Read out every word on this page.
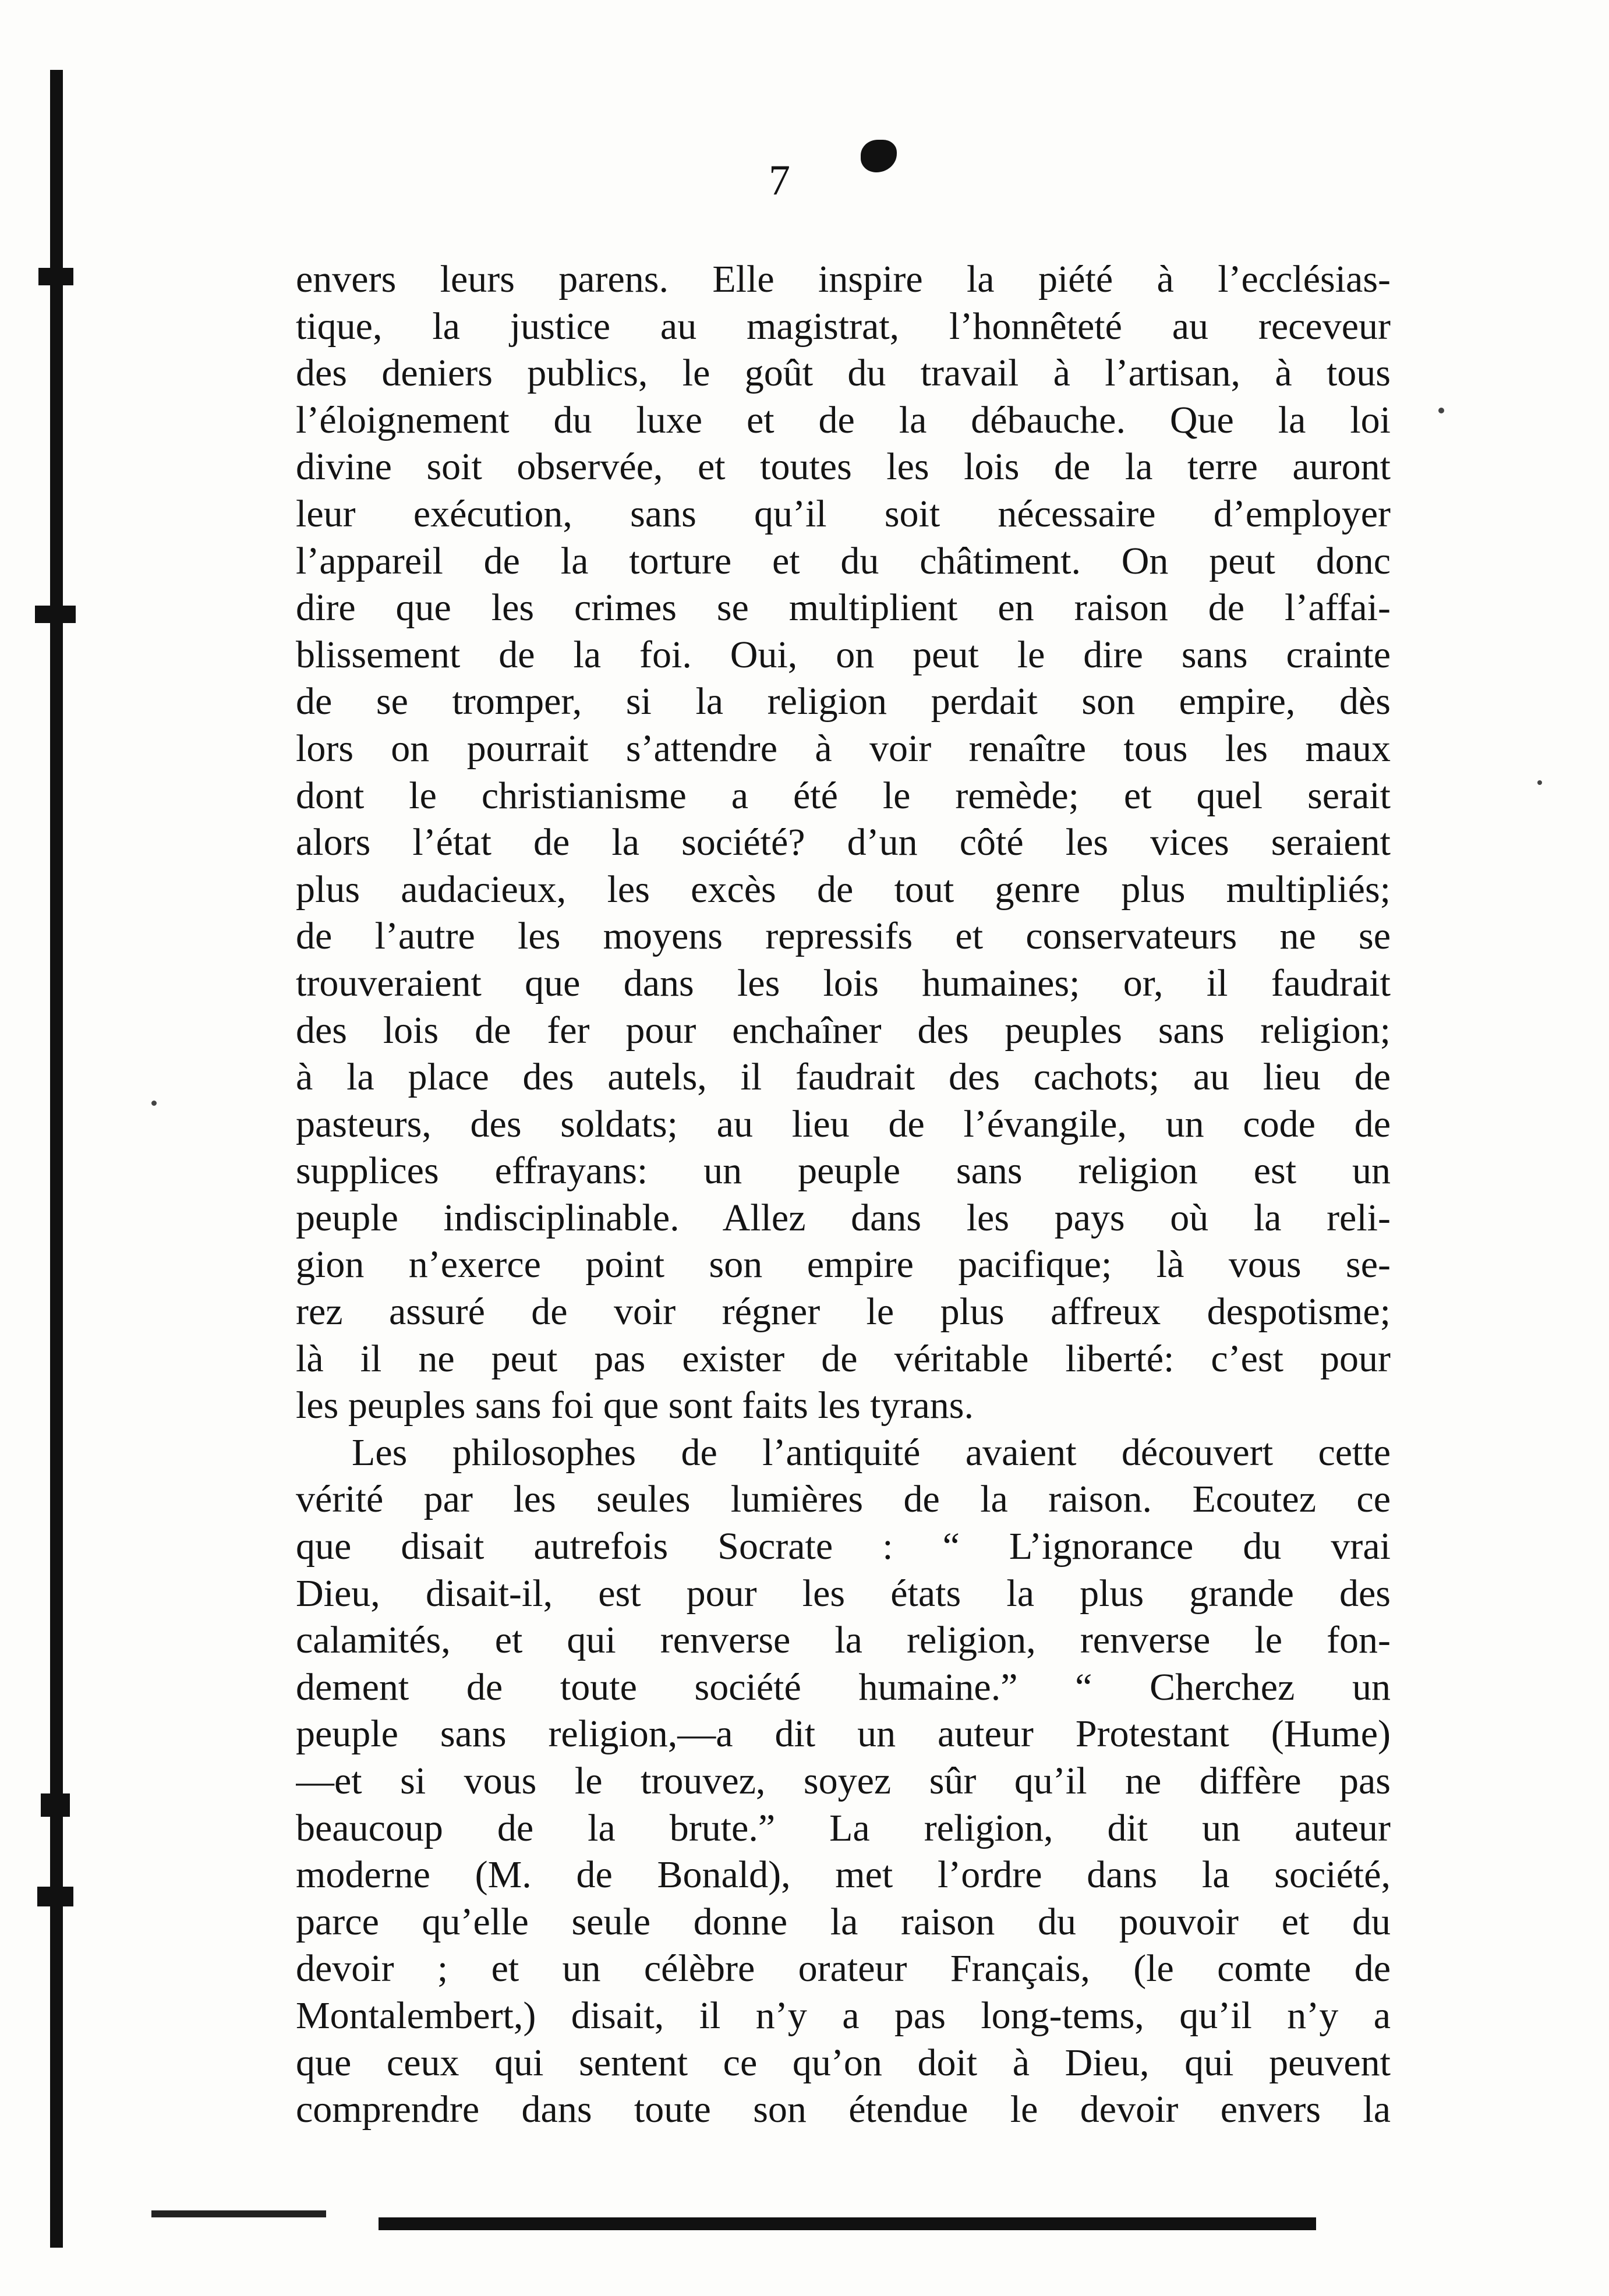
7
envers leurs parens. Elle inspire la piété à l’ecclésias-
tique, la justice au magistrat, l’honnêteté au receveur
des deniers publics, le goût du travail à l’artisan, à tous
l’éloignement du luxe et de la débauche. Que la loi
divine soit observée, et toutes les lois de la terre auront
leur exécution, sans qu’il soit nécessaire d’employer
l’appareil de la torture et du châtiment. On peut donc
dire que les crimes se multiplient en raison de l’affai-
blissement de la foi. Oui, on peut le dire sans crainte
de se tromper, si la religion perdait son empire, dès
lors on pourrait s’attendre à voir renaître tous les maux
dont le christianisme a été le remède; et quel serait
alors l’état de la société? d’un côté les vices seraient
plus audacieux, les excès de tout genre plus multipliés;
de l’autre les moyens repressifs et conservateurs ne se
trouveraient que dans les lois humaines; or, il faudrait
des lois de fer pour enchaîner des peuples sans religion;
à la place des autels, il faudrait des cachots; au lieu de
pasteurs, des soldats; au lieu de l’évangile, un code de
supplices effrayans: un peuple sans religion est un
peuple indisciplinable. Allez dans les pays où la reli-
gion n’exerce point son empire pacifique; là vous se-
rez assuré de voir régner le plus affreux despotisme;
là il ne peut pas exister de véritable liberté: c’est pour
les peuples sans foi que sont faits les tyrans.
Les philosophes de l’antiquité avaient découvert cette
vérité par les seules lumières de la raison. Ecoutez ce
que disait autrefois Socrate : “ L’ignorance du vrai
Dieu, disait-il, est pour les états la plus grande des
calamités, et qui renverse la religion, renverse le fon-
dement de toute société humaine.” “ Cherchez un
peuple sans religion,—a dit un auteur Protestant (Hume)
—et si vous le trouvez, soyez sûr qu’il ne diffère pas
beaucoup de la brute.” La religion, dit un auteur
moderne (M. de Bonald), met l’ordre dans la société,
parce qu’elle seule donne la raison du pouvoir et du
devoir ; et un célèbre orateur Français, (le comte de
Montalembert,) disait, il n’y a pas long-tems, qu’il n’y a
que ceux qui sentent ce qu’on doit à Dieu, qui peuvent
comprendre dans toute son étendue le devoir envers la
